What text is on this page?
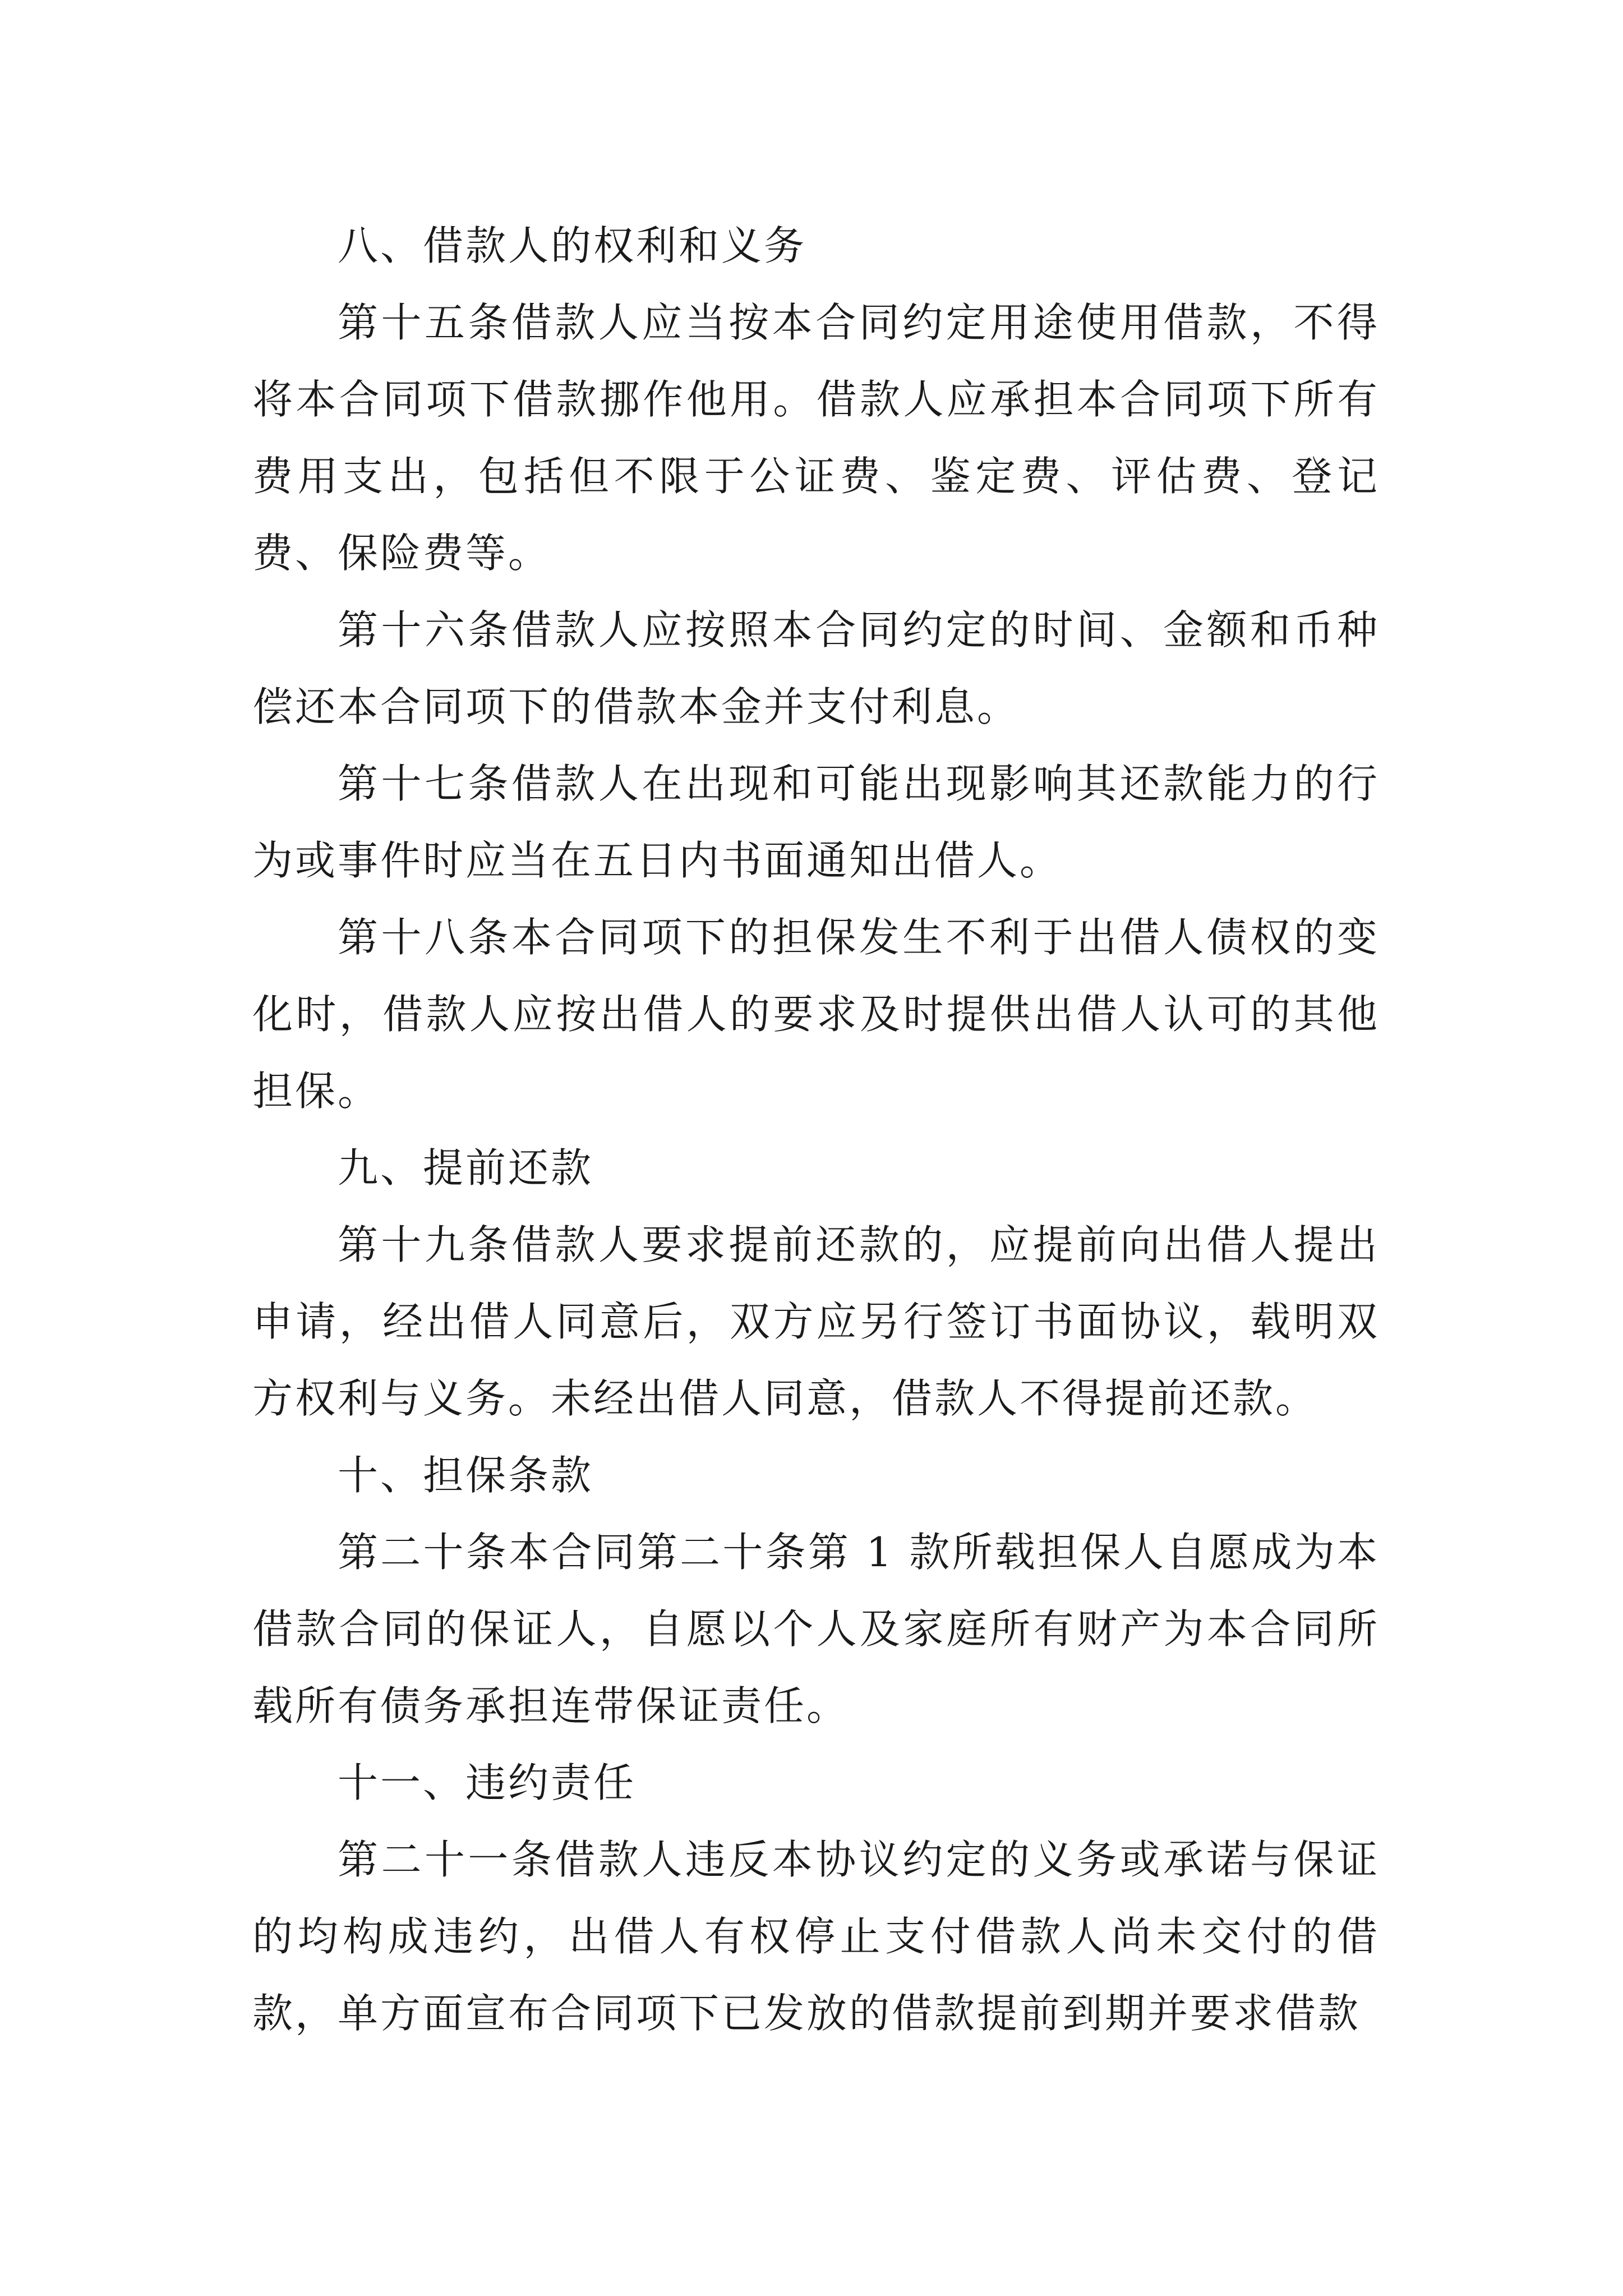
八、借款人的权利和义务

第十五条借款人应当按本合同约定用途使用借款，不得将本合同项下借款挪作他用。借款人应承担本合同项下所有费用支出，包括但不限于公证费、鉴定费、评估费、登记费、保险费等。

第十六条借款人应按照本合同约定的时间、金额和币种偿还本合同项下的借款本金并支付利息。

第十七条借款人在出现和可能出现影响其还款能力的行为或事件时应当在五日内书面通知出借人。

第十八条本合同项下的担保发生不利于出借人债权的变化时，借款人应按出借人的要求及时提供出借人认可的其他担保。

九、提前还款

第十九条借款人要求提前还款的，应提前向出借人提出申请，经出借人同意后，双方应另行签订书面协议，载明双方权利与义务。未经出借人同意，借款人不得提前还款。

十、担保条款

第二十条本合同第二十条第 1 款所载担保人自愿成为本借款合同的保证人，自愿以个人及家庭所有财产为本合同所载所有债务承担连带保证责任。

十一、违约责任

第二十一条借款人违反本协议约定的义务或承诺与保证的均构成违约，出借人有权停止支付借款人尚未交付的借款，单方面宣布合同项下已发放的借款提前到期并要求借款
